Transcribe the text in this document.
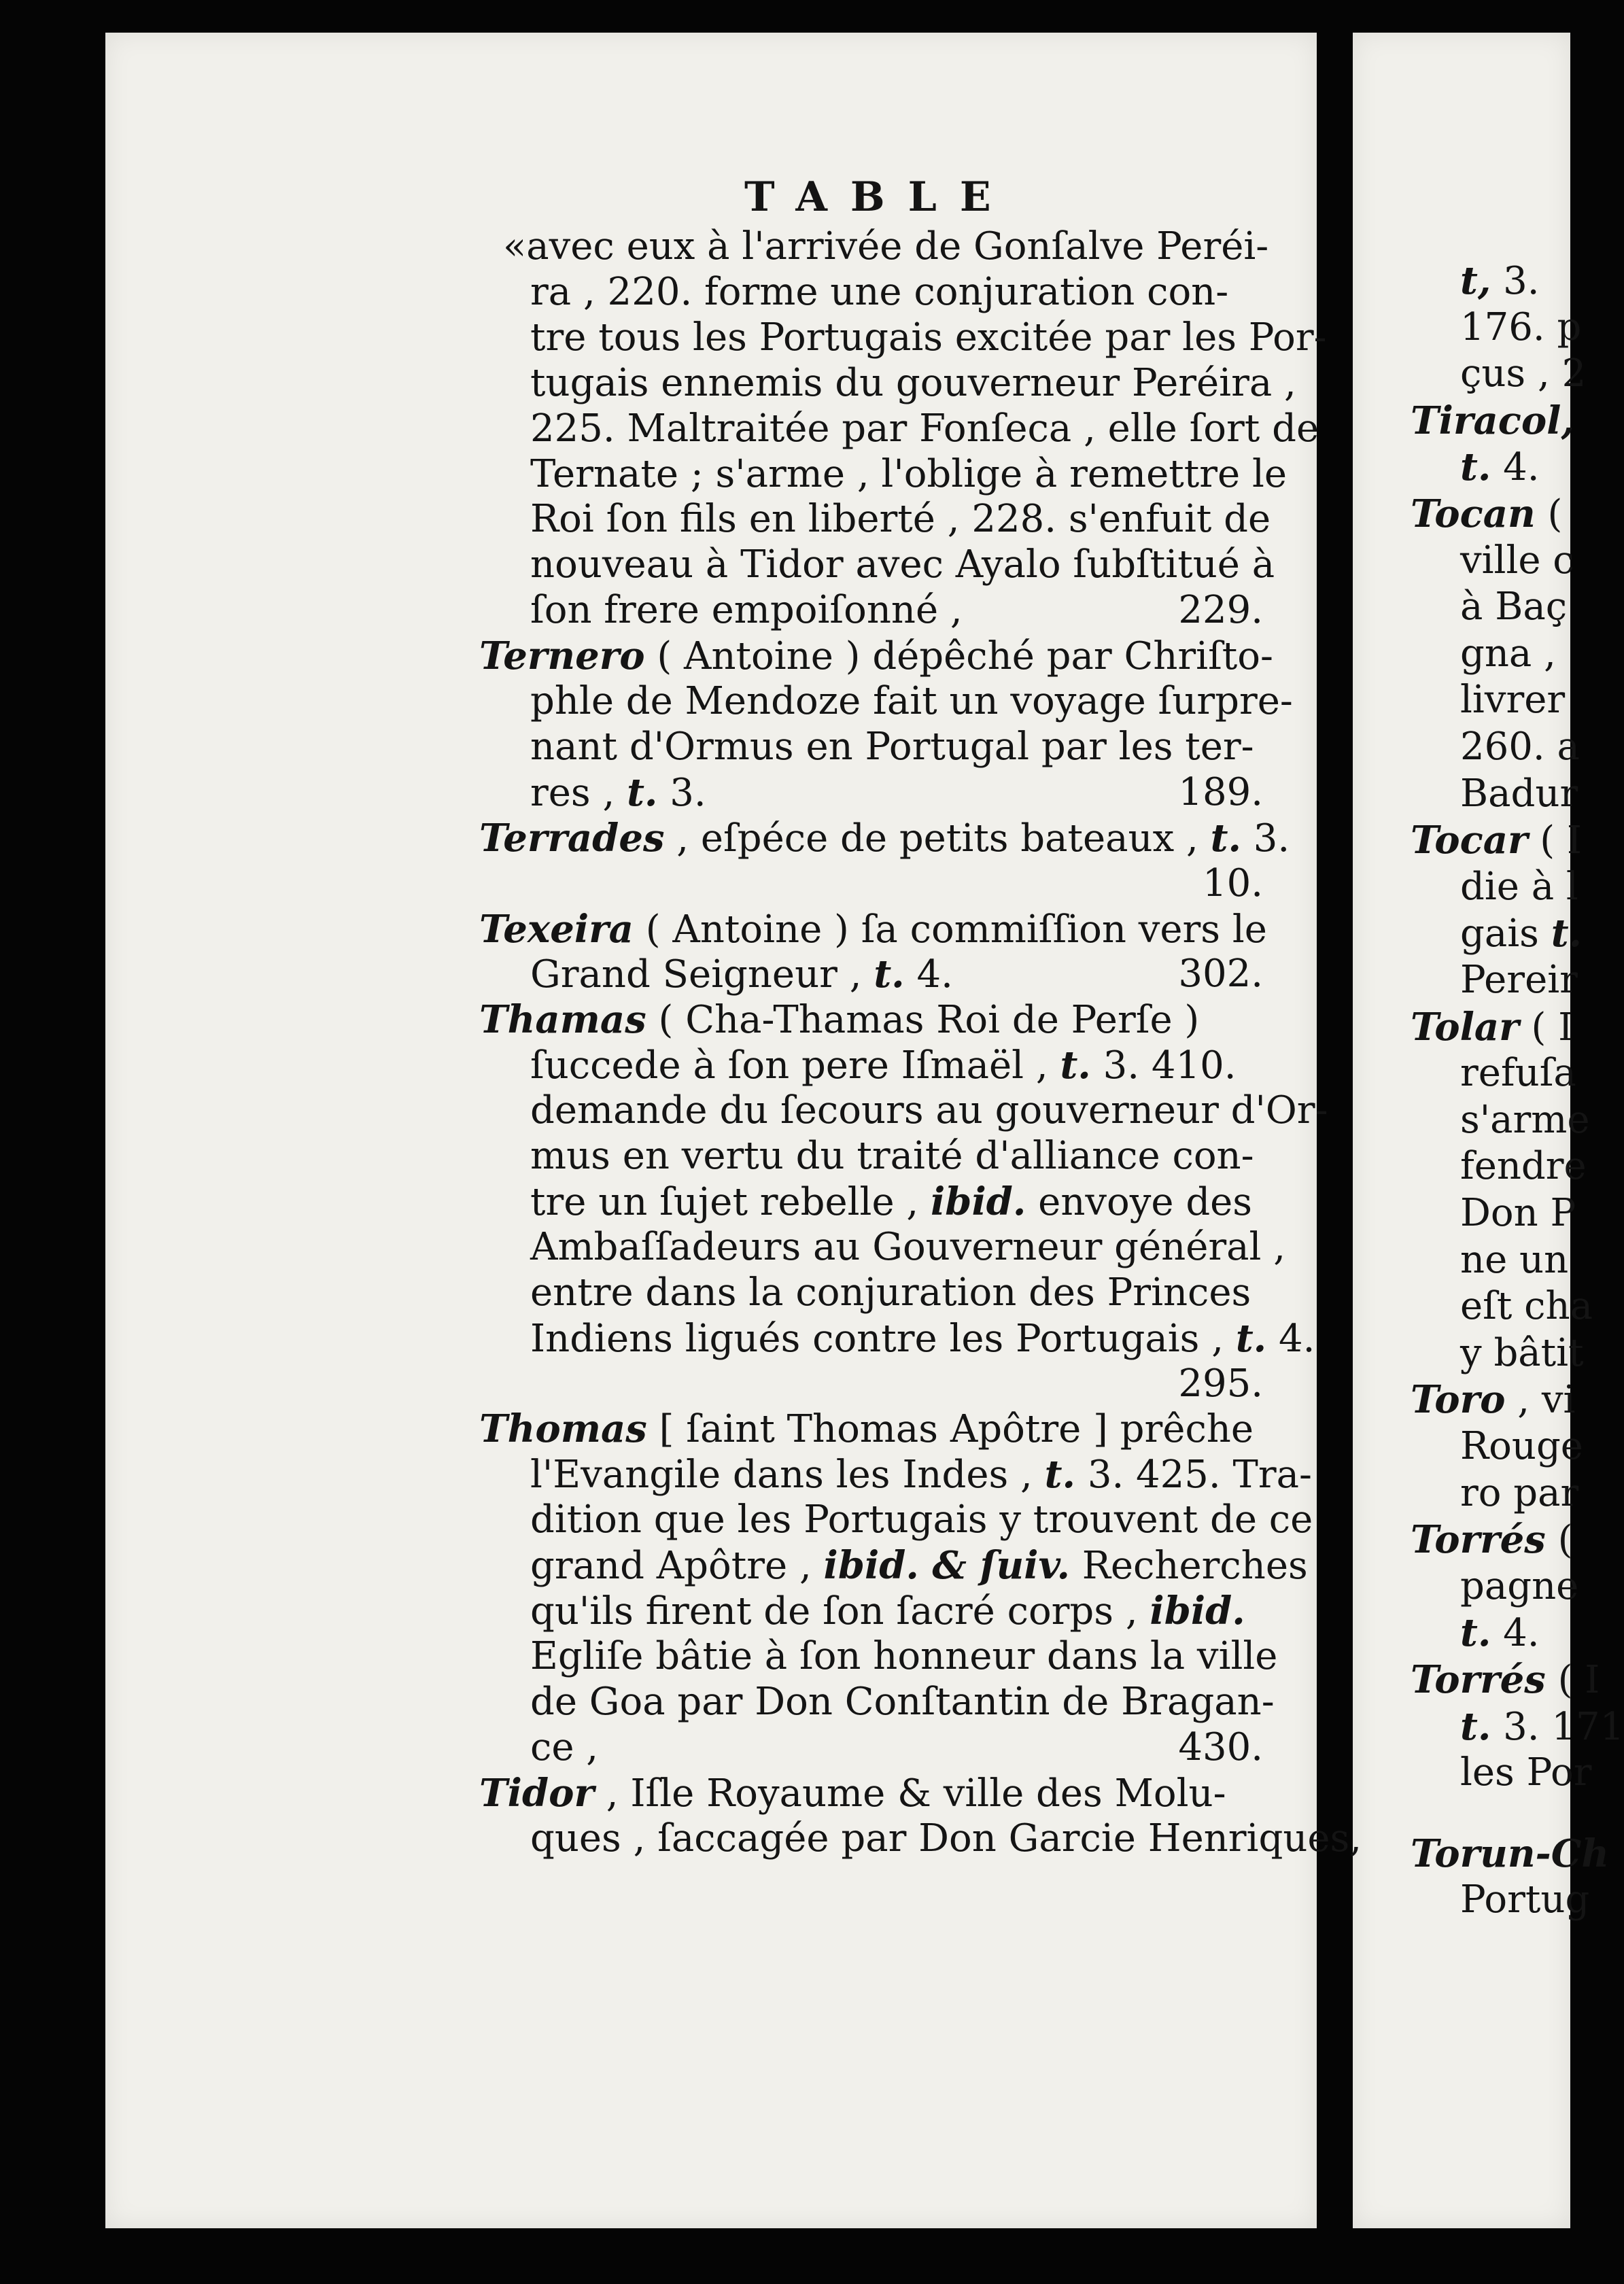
TABLE
«avec eux à l'arrivée de Gonſalve Peréi-
ra , 220. forme une conjuration con-
tre tous les Portugais excitée par les Por-
tugais ennemis du gouverneur Peréira ,
225. Maltraitée par Fonſeca , elle ſort de
Ternate ; s'arme , l'oblige à remettre le
Roi ſon fils en liberté , 228. s'enfuit de
nouveau à Tidor avec Ayalo ſubſtitué à
ſon frere empoiſonné ,	229.
Ternero ( Antoine ) dépêché par Chriſto-
phle de Mendoze fait un voyage ſurpre-
nant d'Ormus en Portugal par les ter-
res , t. 3.	189.
Terrades , eſpéce de petits bateaux , t. 3.
10.
Texeira ( Antoine ) ſa commiſſion vers le
Grand Seigneur , t. 4.	302.
Thamas ( Cha-Thamas Roi de Perſe )
ſuccede à ſon pere Iſmaël , t. 3. 410.
demande du ſecours au gouverneur d'Or-
mus en vertu du traité d'alliance con-
tre un ſujet rebelle , ibid. envoye des
Ambaſſadeurs au Gouverneur général ,
entre dans la conjuration des Princes
Indiens ligués contre les Portugais , t. 4.
295.
Thomas [ ſaint Thomas Apôtre ] prêche
l'Evangile dans les Indes , t. 3. 425. Tra-
dition que les Portugais y trouvent de ce
grand Apôtre , ibid. & ſuiv. Recherches
qu'ils firent de ſon ſacré corps , ibid.
Egliſe bâtie à ſon honneur dans la ville
de Goa par Don Conſtantin de Bragan-
ce ,	430.
Tidor , Iſle Royaume & ville des Molu-
ques , ſaccagée par Don Garcie Henriques,
t, 3.
176. p
çus , 2
Tiracol,
t. 4.
Tocan (
ville c
à Baç
gna ,
livrer
260. a
Badur
Tocar ( I
die à l
gais t.
Pereir
Tolar ( I
refuſa
s'arme
fendre
Don P
ne un
eſt cha
y bâtit
Toro , vi
Rouge
ro par
Torrés (
pagne
t. 4.
Torrés ( I
t. 3. 171
les Por
Torun-Ch
Portug
